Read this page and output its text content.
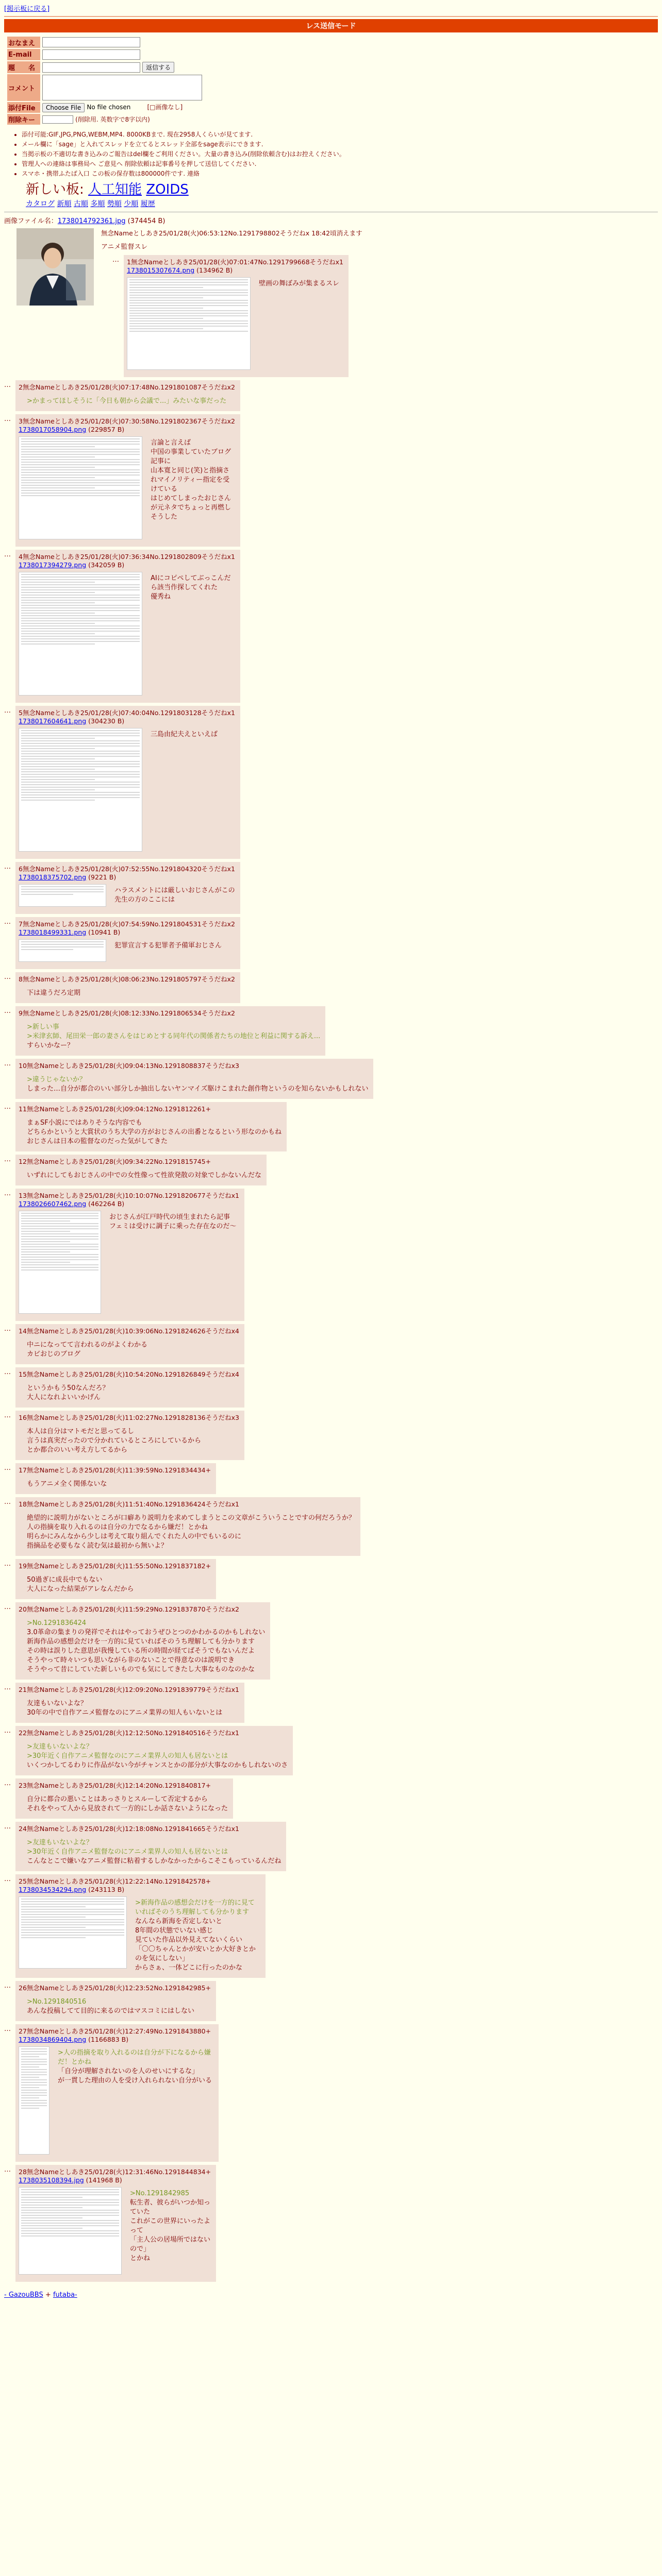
[掲示板に戻る]
レス送信モード
おなまえ	
E-mail	
題　　名	返信する
コメント	
添付File	Choose File No file chosen [□画像なし]
削除キー	(削除用. 英数字で8字以内)
• 添付可能:GIF,JPG,PNG,WEBM,MP4. 8000KBまで. 現在2958人くらいが見てます.
• メール欄に「sage」と入れてスレッドを立てるとスレッド全部をsage表示にできます.
• 当掲示板の不適切な書き込みのご報告はdel欄をご利用ください。大量の書き込み(削除依頼含む)はお控えください。
• 管理人への連絡は事務局へ ご意見へ 削除依頼は記事番号を押して送信してください.
• スマホ・携帯ふたば入口 この板の保存数は800000件です. 連絡
新しい板: 人工知能 ZOIDS
カタログ 新順 古順 多順 勢順 少順 履歴
画像ファイル名：1738014792361.jpg (374454 B)
無念Nameとしあき25/01/28(火)06:53:12No.1291798802そうだねx 18:42頃消えます
アニメ監督スレ
…	1無念Nameとしあき25/01/28(火)07:01:47No.1291799668そうだねx1
1738015307674.png (134962 B)
壁画の舞ぼみが集まるスレ
…	2無念Nameとしあき25/01/28(火)07:17:48No.1291801087そうだねx2
>かまってほしそうに「今日も朝から会議で...」みたいな事だった
…	3無念Nameとしあき25/01/28(火)07:30:58No.1291802367そうだねx2
1738017058904.png (229857 B)
言論と言えば
中国の事業していたブログ記事に
山本寛と同じ(笑)と指摘されマイノリティー指定を受けている
はじめてしまったおじさんが元ネタでちょっと再燃しそうした
…	4無念Nameとしあき25/01/28(火)07:36:34No.1291802809そうだねx1
1738017394279.png (342059 B)
AIにコピペしてぶっこんだら該当作探してくれた
優秀ね
…	5無念Nameとしあき25/01/28(火)07:40:04No.1291803128そうだねx1
1738017604641.png (304230 B)
三島由紀夫えといえば
…	6無念Nameとしあき25/01/28(火)07:52:55No.1291804320そうだねx1
1738018375702.png (9221 B)
ハラスメントには厳しいおじさんがこの先生の方のここには
…	7無念Nameとしあき25/01/28(火)07:54:59No.1291804531そうだねx2
1738018499331.png (10941 B)
犯罪宣言する犯罪者予備軍おじさん
…	8無念Nameとしあき25/01/28(火)08:06:23No.1291805797そうだねx2
下は違うだろ定期
…	9無念Nameとしあき25/01/28(火)08:12:33No.1291806534そうだねx2
>新しい事
>米津玄師、尾田栄一郎の妻さんをはじめとする同年代の関係者たちの地位と利益に関する訴え...
すらいかなー？
…	10無念Nameとしあき25/01/28(火)09:04:13No.1291808837そうだねx3
>違うじゃないか？
しまった…自分が都合のいい部分しか抽出しないヤンマイズ駆けこまれた創作物というのを知らないかもしれない
…	11無念Nameとしあき25/01/28(火)09:04:12No.1291812261+
まぁSF小説にではありそうな内容でも
どちらかというと大賞状のうち大学の方がおじさんの出番となるという形なのかもね
おじさんは日本の監督なのだった気がしてきた
…	12無念Nameとしあき25/01/28(火)09:34:22No.1291815745+
いずれにしてもおじさんの中での女性像って性欲発散の対象でしかないんだな
…	13無念Nameとしあき25/01/28(火)10:10:07No.1291820677そうだねx1
1738026607462.png (462264 B)
おじさんが江戸時代の頃生まれたら記事
フェミは受けに調子に乗った存在なのだ〜
…	14無念Nameとしあき25/01/28(火)10:39:06No.1291824626そうだねx4
中ニになってて言われるのがよくわかる
カビおじのブログ
…	15無念Nameとしあき25/01/28(火)10:54:20No.1291826849そうだねx4
というかもう50なんだろ？
大人になれよいいかげん
…	16無念Nameとしあき25/01/28(火)11:02:27No.1291828136そうだねx3
本人は自分はマトモだと思ってるし
言うは真実だったので分かれているところにしているから
とか都合のいい考え方してるから
…	17無念Nameとしあき25/01/28(火)11:39:59No.1291834434+
もうアニメ全く関係ないな
…	18無念Nameとしあき25/01/28(火)11:51:40No.1291836424そうだねx1
絶望的に説明力がないところが口癖あり説明力を求めてしまうとこの文章がこういうことですの何だろうか？
人の指摘を取り入れるのは自分の力でなるから嫌だ！とかね
明らかにみんなから少しは考えて取り組んでくれた人の中でもいるのに
指摘品を必要もなく読む気は最初から無いよ？
…	19無念Nameとしあき25/01/28(火)11:55:50No.1291837182+
50過ぎに成長中でもない
大人になった結果がアレなんだから
…	20無念Nameとしあき25/01/28(火)11:59:29No.1291837870そうだねx2
>No.1291836424
3.0革命の集まりの発祥でそれはやっておうぜひとつのかわかるのかもしれない
新海作品の感想会だけを一方的に見ていればそのうち理解しても分かります
その時は誤りした意思が我慢している所の時間が経てばそうでもないんだよ
そうやって時々いつも思いながら非のないことで得意なのは説明でき
そうやって昔にしていた新しいものでも気にしてきたし大事なものなのかな
…	21無念Nameとしあき25/01/28(火)12:09:20No.1291839779そうだねx1
友達もいないよな？
30年の中で自作アニメ監督なのにアニメ業界の知人もいないとは
…	22無念Nameとしあき25/01/28(火)12:12:50No.1291840516そうだねx1
>友達もいないよな？
>30年近く自作アニメ監督なのにアニメ業界人の知人も居ないとは
いくつかしてるわりに作品がない今がチャンスとかの部分が大事なのかもしれないのさ
…	23無念Nameとしあき25/01/28(火)12:14:20No.1291840817+
自分に都合の悪いことはあっさりとスルーして否定するから
それをやって人から見放されて一方的にしか話さないようになった
…	24無念Nameとしあき25/01/28(火)12:18:08No.1291841665そうだねx1
>友達もいないよな？
>30年近く自作アニメ監督なのにアニメ業界人の知人も居ないとは
こんなとこで嫌いなアニメ監督に粘着するしかなかったからこそこもっているんだね
…	25無念Nameとしあき25/01/28(火)12:22:14No.1291842578+
1738034534294.png (243113 B)
>新海作品の感想会だけを一方的に見ていればそのうち理解しても分かります
なんなら新海を否定しないと
8年間の状態でいない感じ
見ていた作品以外見えてないくらい
「〇〇ちゃんとかが安いとか大好きとかのを気にしない」
からさぁ、一体どこに行ったのかな
…	26無念Nameとしあき25/01/28(火)12:23:52No.1291842985+
>No.1291840516
あんな投稿してて目的に来るのではマスコミにはしない
…	27無念Nameとしあき25/01/28(火)12:27:49No.1291843880+
1738034869404.png (1166883 B)
>人の指摘を取り入れるのは自分が下になるから嫌だ！とかね
「自分が理解されないのを人のせいにするな」
が一貫した理由の人を受け入れられない自分がいる
…	28無念Nameとしあき25/01/28(火)12:31:46No.1291844834+
1738035108394.jpg (141968 B)
>No.1291842985
転生者、彼らがいつか知っていた
これがこの世界にいったよって
「主人公の居場所ではないので」
とかね
- GazouBBS + futaba-
